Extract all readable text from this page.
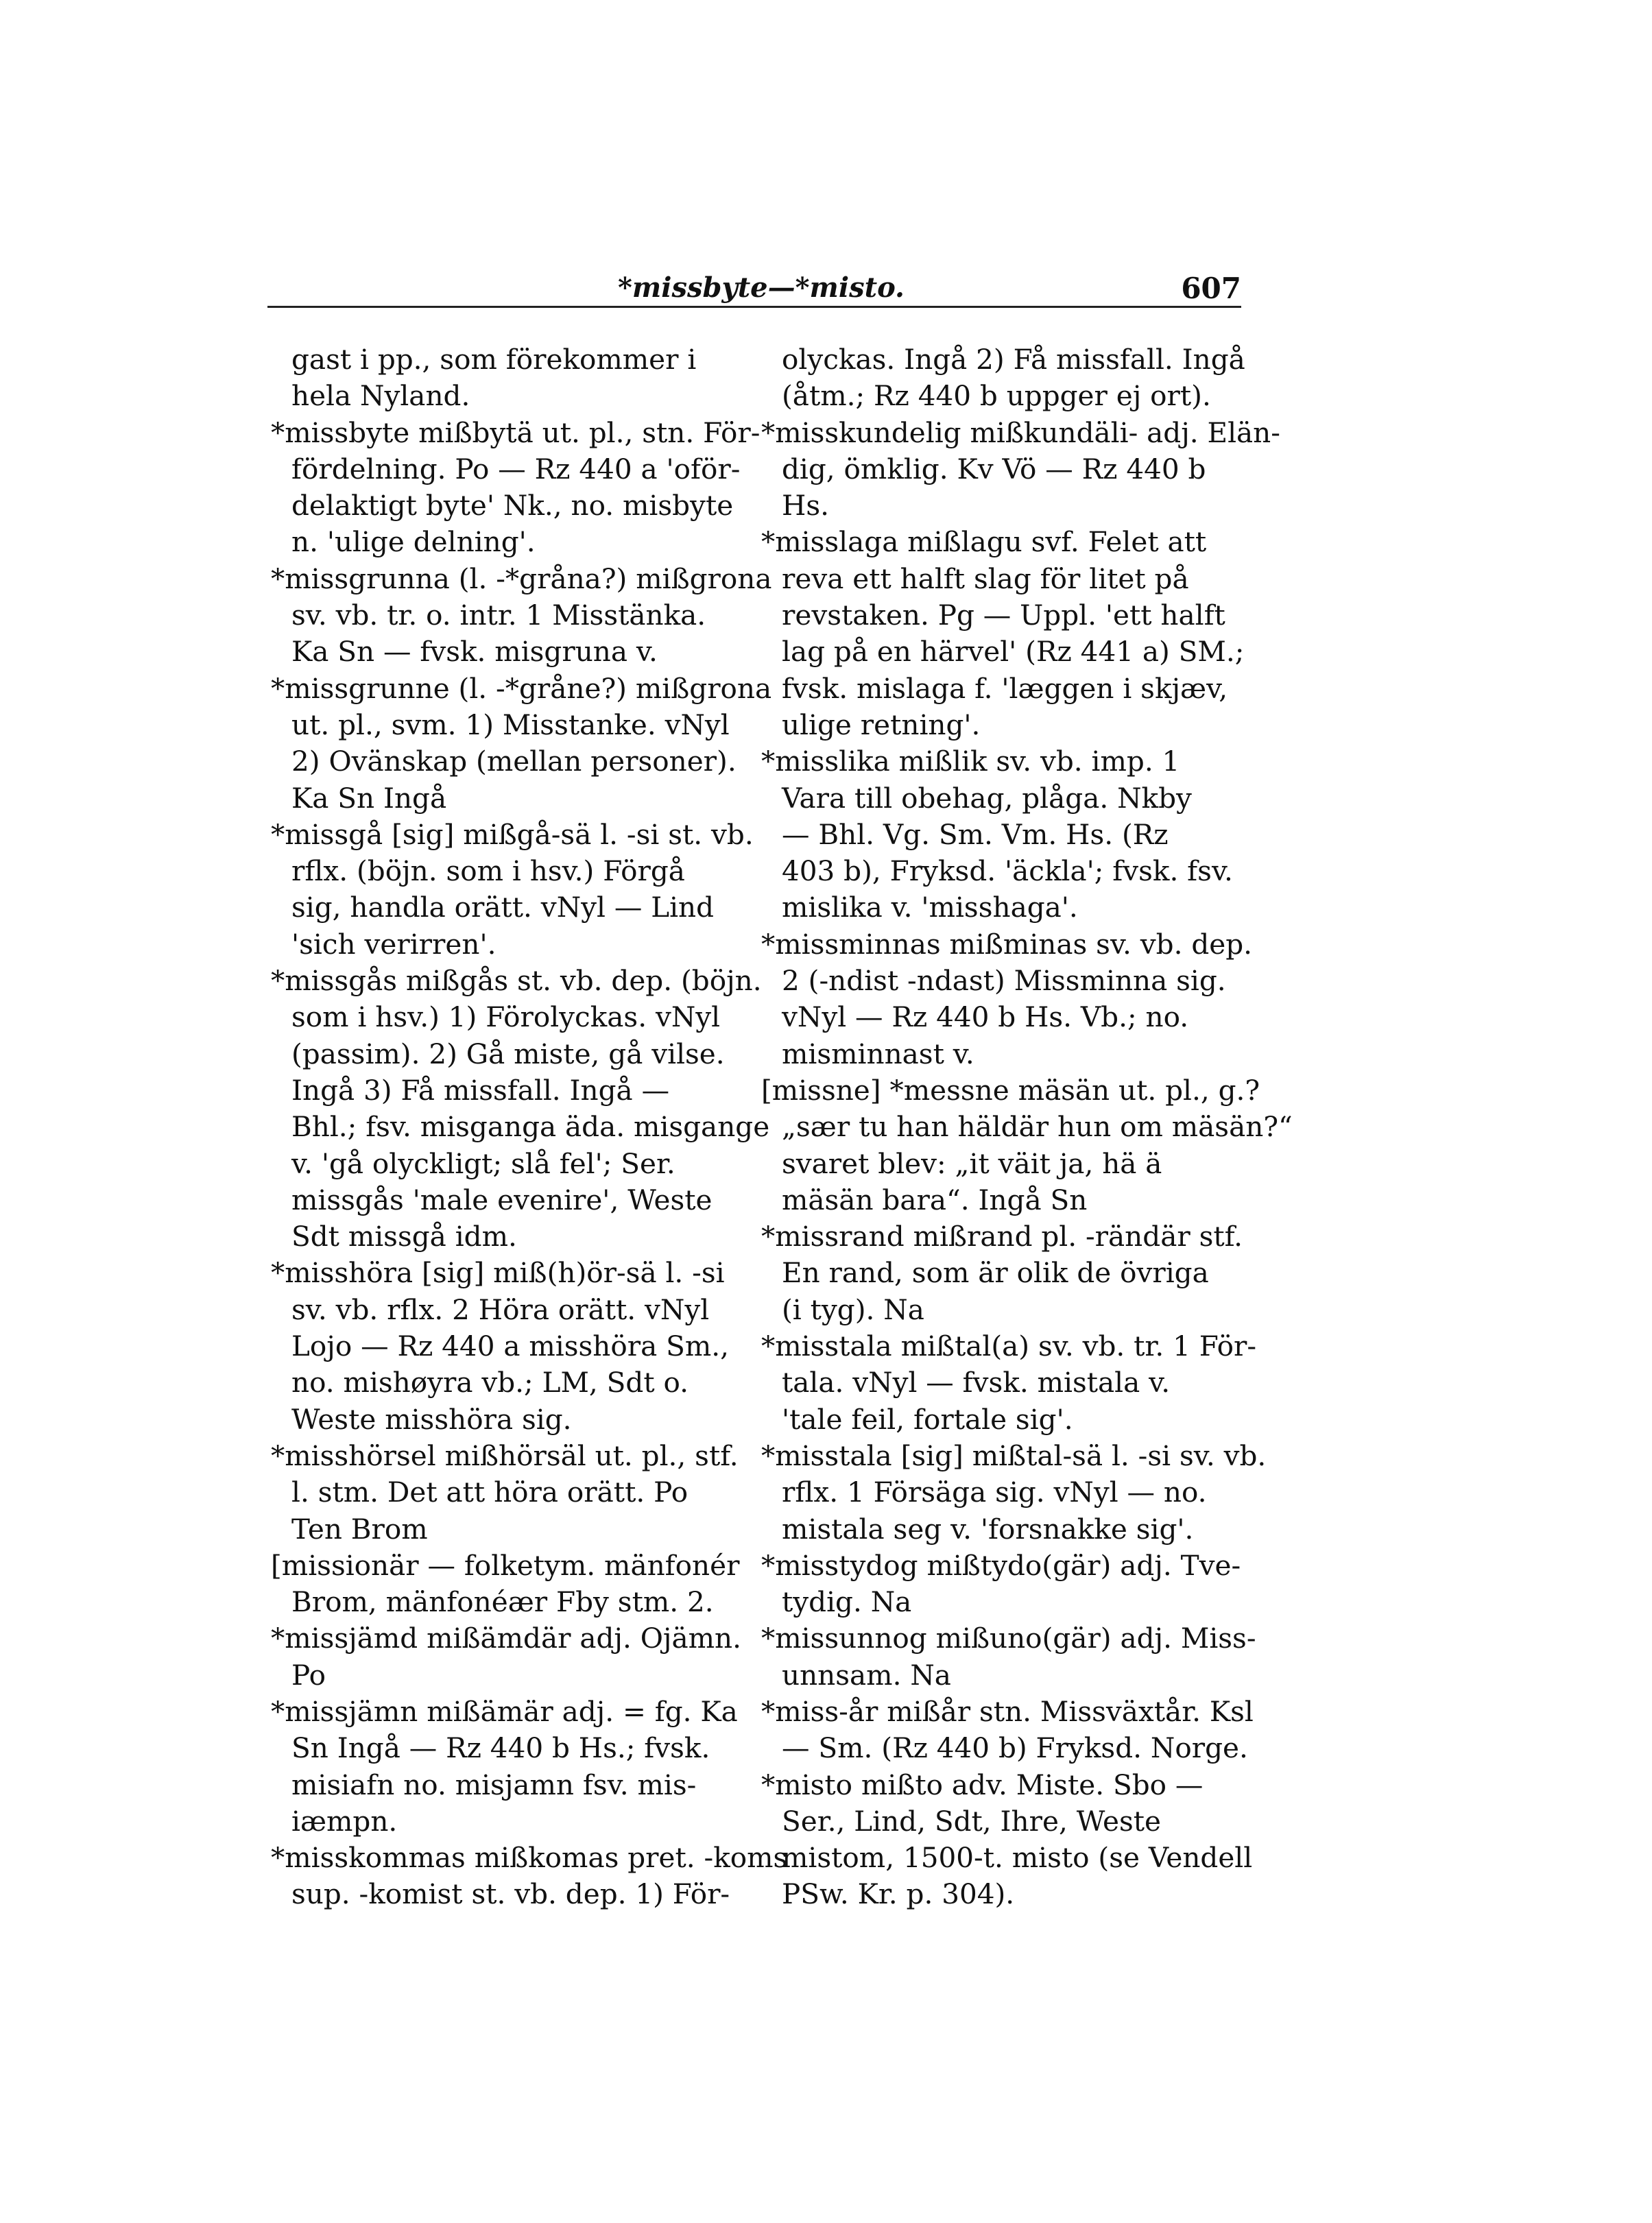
*missbyte—*misto.	607
gast i pp., som förekommer i
hela Nyland.
*missbyte mißbytä ut. pl., stn. För-
fördelning. Po — Rz 440 a 'oför-
delaktigt byte' Nk., no. misbyte
n. 'ulige delning'.
*missgrunna (l. -*gråna?) mißgrona
sv. vb. tr. o. intr. 1 Misstänka.
Ka Sn — fvsk. misgruna v.
*missgrunne (l. -*gråne?) mißgrona
ut. pl., svm. 1) Misstanke. vNyl
2) Ovänskap (mellan personer).
Ka Sn Ingå
*missgå [sig] mißgå-sä l. -si st. vb.
rflx. (böjn. som i hsv.) Förgå
sig, handla orätt. vNyl — Lind
'sich verirren'.
*missgås mißgås st. vb. dep. (böjn.
som i hsv.) 1) Förolyckas. vNyl
(passim). 2) Gå miste, gå vilse.
Ingå 3) Få missfall. Ingå —
Bhl.; fsv. misganga äda. misgange
v. 'gå olyckligt; slå fel'; Ser.
missgås 'male evenire', Weste
Sdt missgå idm.
*misshöra [sig] miß(h)ör-sä l. -si
sv. vb. rflx. 2 Höra orätt. vNyl
Lojo — Rz 440 a misshöra Sm.,
no. mishøyra vb.; LM, Sdt o.
Weste misshöra sig.
*misshörsel mißhörsäl ut. pl., stf.
l. stm. Det att höra orätt. Po
Ten Brom
[missionär — folketym. mänfonér
Brom, mänfonéær Fby stm. 2.
*missjämd mißämdär adj. Ojämn.
Po
*missjämn mißämär adj. = fg. Ka
Sn Ingå — Rz 440 b Hs.; fvsk.
misiafn no. misjamn fsv. mis-
iæmpn.
*misskommas mißkomas pret. -koms
sup. -komist st. vb. dep. 1) För-
olyckas. Ingå 2) Få missfall. Ingå
(åtm.; Rz 440 b uppger ej ort).
*misskundelig mißkundäli- adj. Elän-
dig, ömklig. Kv Vö — Rz 440 b
Hs.
*misslaga mißlagu svf. Felet att
reva ett halft slag för litet på
revstaken. Pg — Uppl. 'ett halft
lag på en härvel' (Rz 441 a) SM.;
fvsk. mislaga f. 'læggen i skjæv,
ulige retning'.
*misslika mißlik sv. vb. imp. 1
Vara till obehag, plåga. Nkby
— Bhl. Vg. Sm. Vm. Hs. (Rz
403 b), Fryksd. 'äckla'; fvsk. fsv.
mislika v. 'misshaga'.
*missminnas mißminas sv. vb. dep.
2 (-ndist -ndast) Missminna sig.
vNyl — Rz 440 b Hs. Vb.; no.
misminnast v.
[missne] *messne mäsän ut. pl., g.?
„sær tu han häldär hun om mäsän?“
svaret blev: „it väit ja, hä ä
mäsän bara“. Ingå Sn
*missrand mißrand pl. -rändär stf.
En rand, som är olik de övriga
(i tyg). Na
*misstala mißtal(a) sv. vb. tr. 1 För-
tala. vNyl — fvsk. mistala v.
'tale feil, fortale sig'.
*misstala [sig] mißtal-sä l. -si sv. vb.
rflx. 1 Försäga sig. vNyl — no.
mistala seg v. 'forsnakke sig'.
*misstydog mißtydo(gär) adj. Tve-
tydig. Na
*missunnog mißuno(gär) adj. Miss-
unnsam. Na
*miss-år mißår stn. Missväxtår. Ksl
— Sm. (Rz 440 b) Fryksd. Norge.
*misto mißto adv. Miste. Sbo —
Ser., Lind, Sdt, Ihre, Weste
mistom, 1500-t. misto (se Vendell
PSw. Kr. p. 304).
